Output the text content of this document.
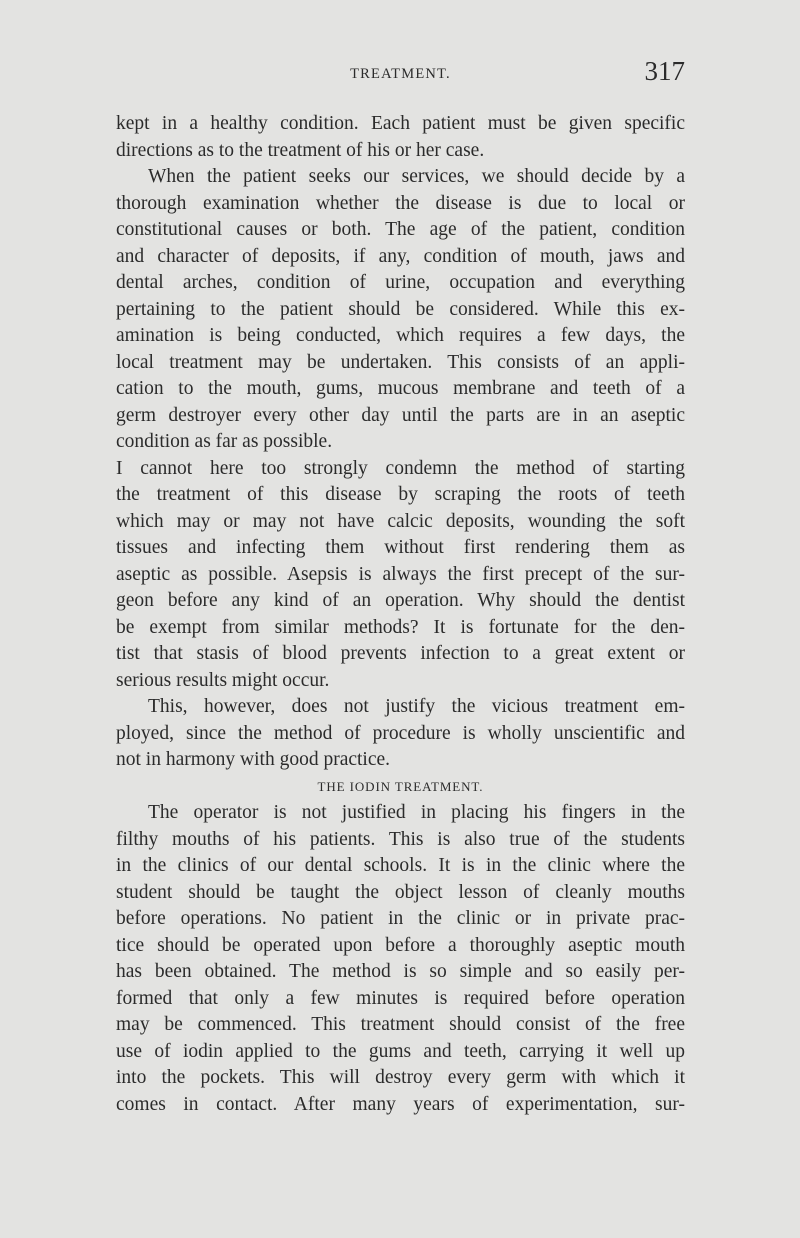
TREATMENT.	317
kept in a healthy condition. Each patient must be given specific
directions as to the treatment of his or her case.
When the patient seeks our services, we should decide by a
thorough examination whether the disease is due to local or
constitutional causes or both. The age of the patient, condition
and character of deposits, if any, condition of mouth, jaws and
dental arches, condition of urine, occupation and everything
pertaining to the patient should be considered. While this ex-
amination is being conducted, which requires a few days, the
local treatment may be undertaken. This consists of an appli-
cation to the mouth, gums, mucous membrane and teeth of a
germ destroyer every other day until the parts are in an aseptic
condition as far as possible.
I cannot here too strongly condemn the method of starting
the treatment of this disease by scraping the roots of teeth
which may or may not have calcic deposits, wounding the soft
tissues and infecting them without first rendering them as
aseptic as possible. Asepsis is always the first precept of the sur-
geon before any kind of an operation. Why should the dentist
be exempt from similar methods? It is fortunate for the den-
tist that stasis of blood prevents infection to a great extent or
serious results might occur.
This, however, does not justify the vicious treatment em-
ployed, since the method of procedure is wholly unscientific and
not in harmony with good practice.
THE IODIN TREATMENT.
The operator is not justified in placing his fingers in the
filthy mouths of his patients. This is also true of the students
in the clinics of our dental schools. It is in the clinic where the
student should be taught the object lesson of cleanly mouths
before operations. No patient in the clinic or in private prac-
tice should be operated upon before a thoroughly aseptic mouth
has been obtained. The method is so simple and so easily per-
formed that only a few minutes is required before operation
may be commenced. This treatment should consist of the free
use of iodin applied to the gums and teeth, carrying it well up
into the pockets. This will destroy every germ with which it
comes in contact. After many years of experimentation, sur-
